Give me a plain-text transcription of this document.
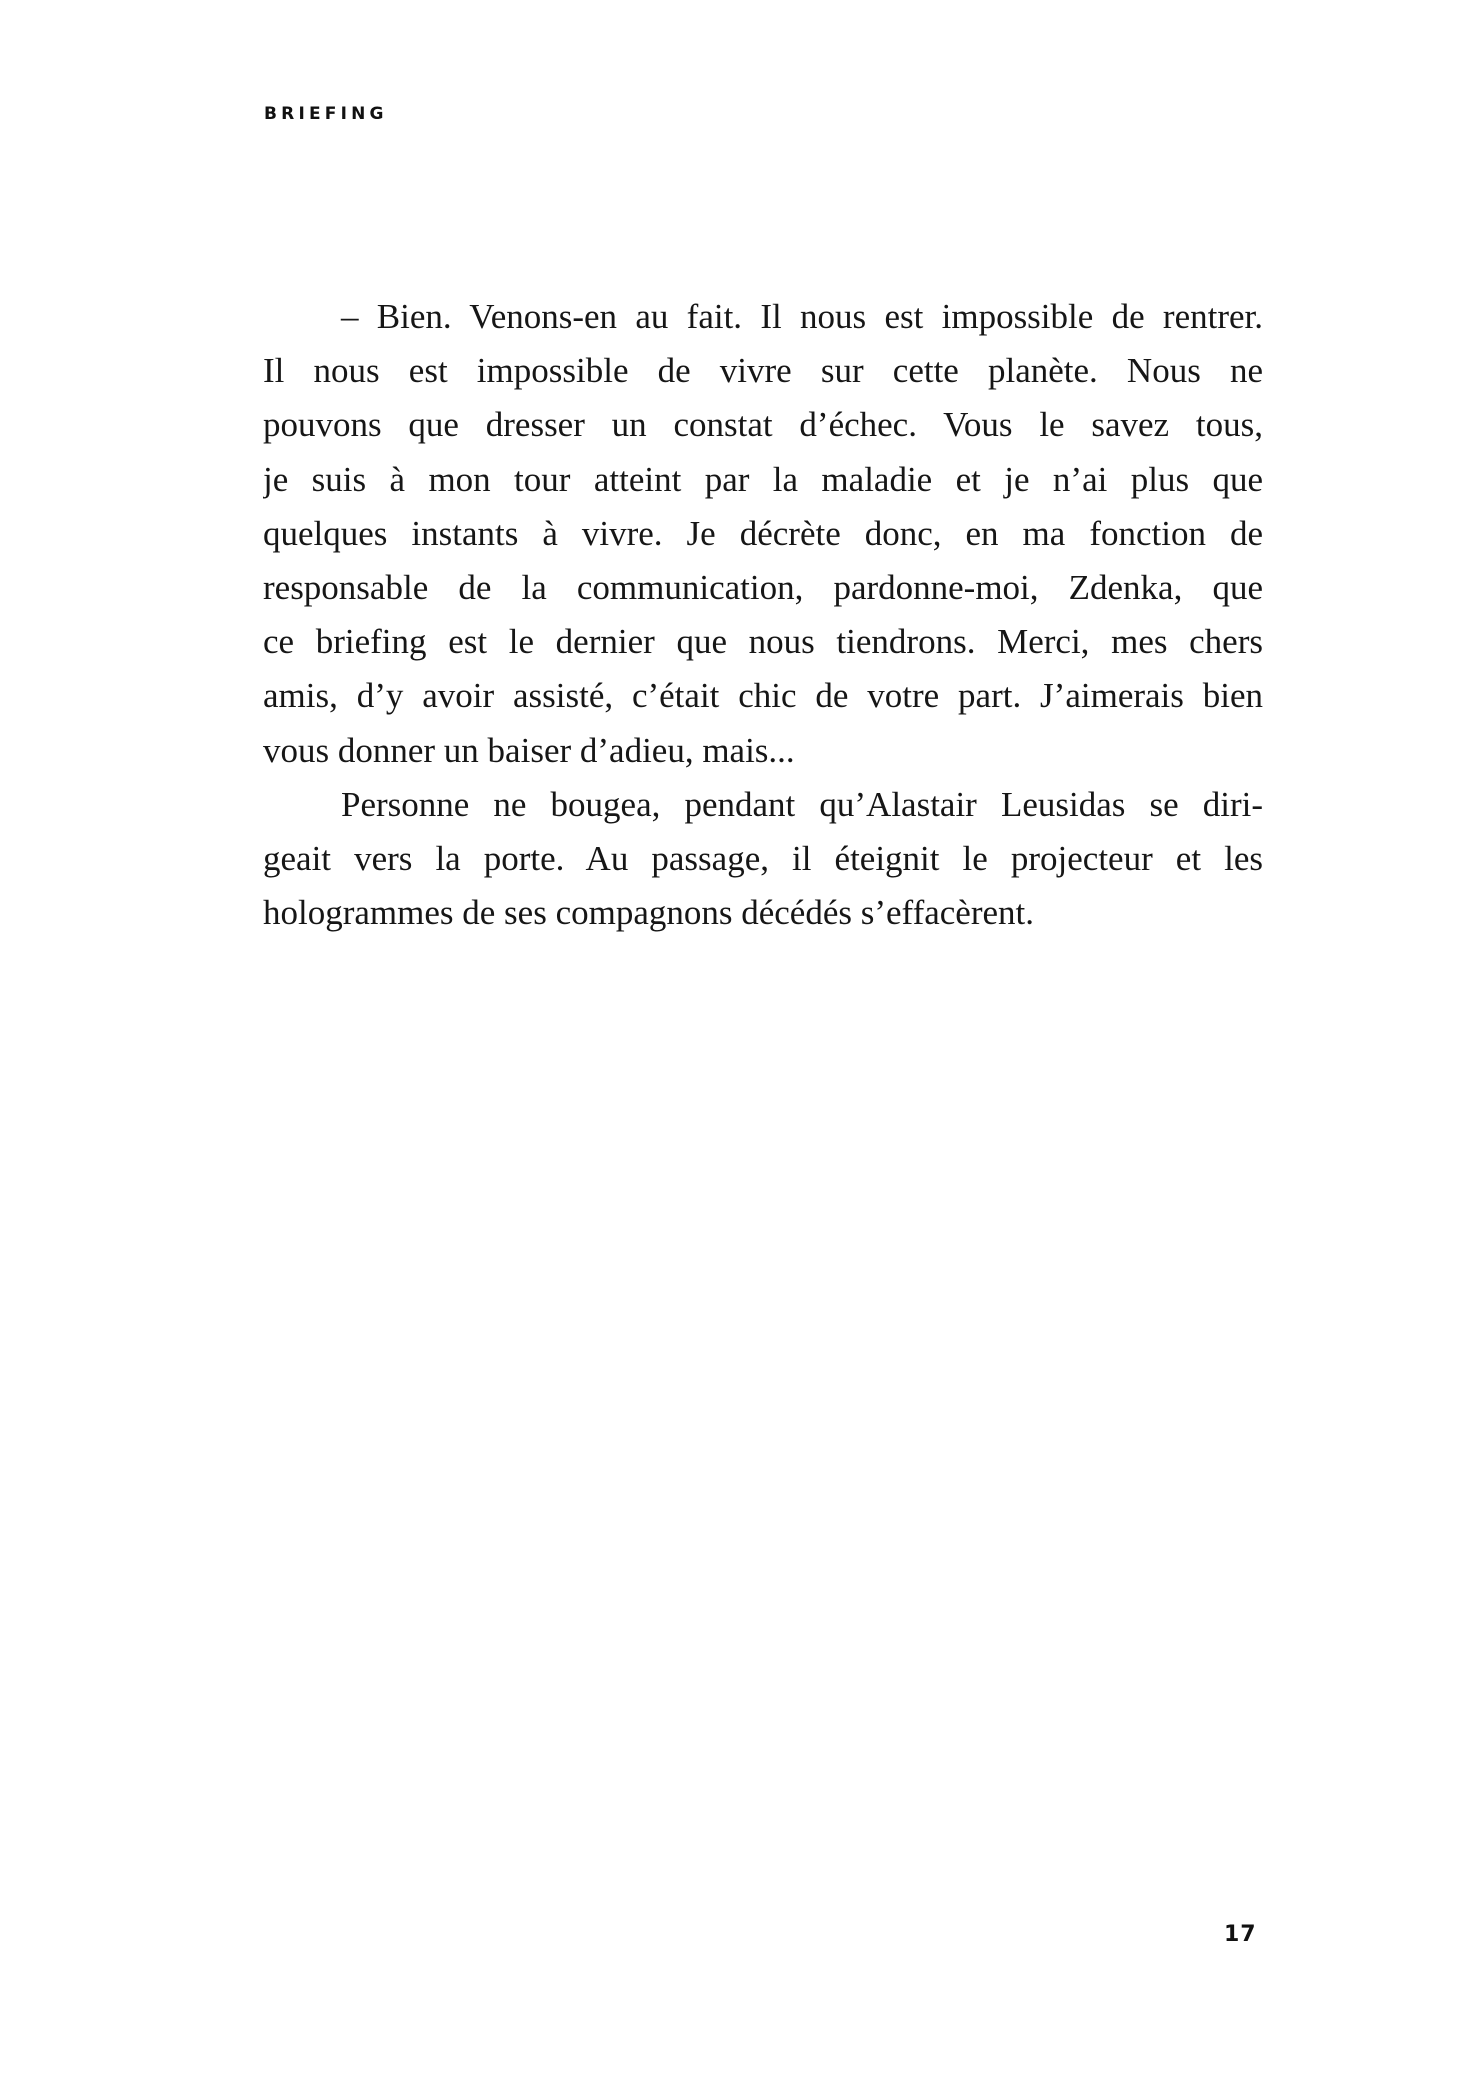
BRIEFING
– Bien. Venons-en au fait. Il nous est impossible de rentrer.
Il nous est impossible de vivre sur cette planète. Nous ne
pouvons que dresser un constat d’échec. Vous le savez tous,
je suis à mon tour atteint par la maladie et je n’ai plus que
quelques instants à vivre. Je décrète donc, en ma fonction de
responsable de la communication, pardonne-moi, Zdenka, que
ce briefing est le dernier que nous tiendrons. Merci, mes chers
amis, d’y avoir assisté, c’était chic de votre part. J’aimerais bien
vous donner un baiser d’adieu, mais...
Personne ne bougea, pendant qu’Alastair Leusidas se diri-
geait vers la porte. Au passage, il éteignit le projecteur et les
hologrammes de ses compagnons décédés s’effacèrent.
17
